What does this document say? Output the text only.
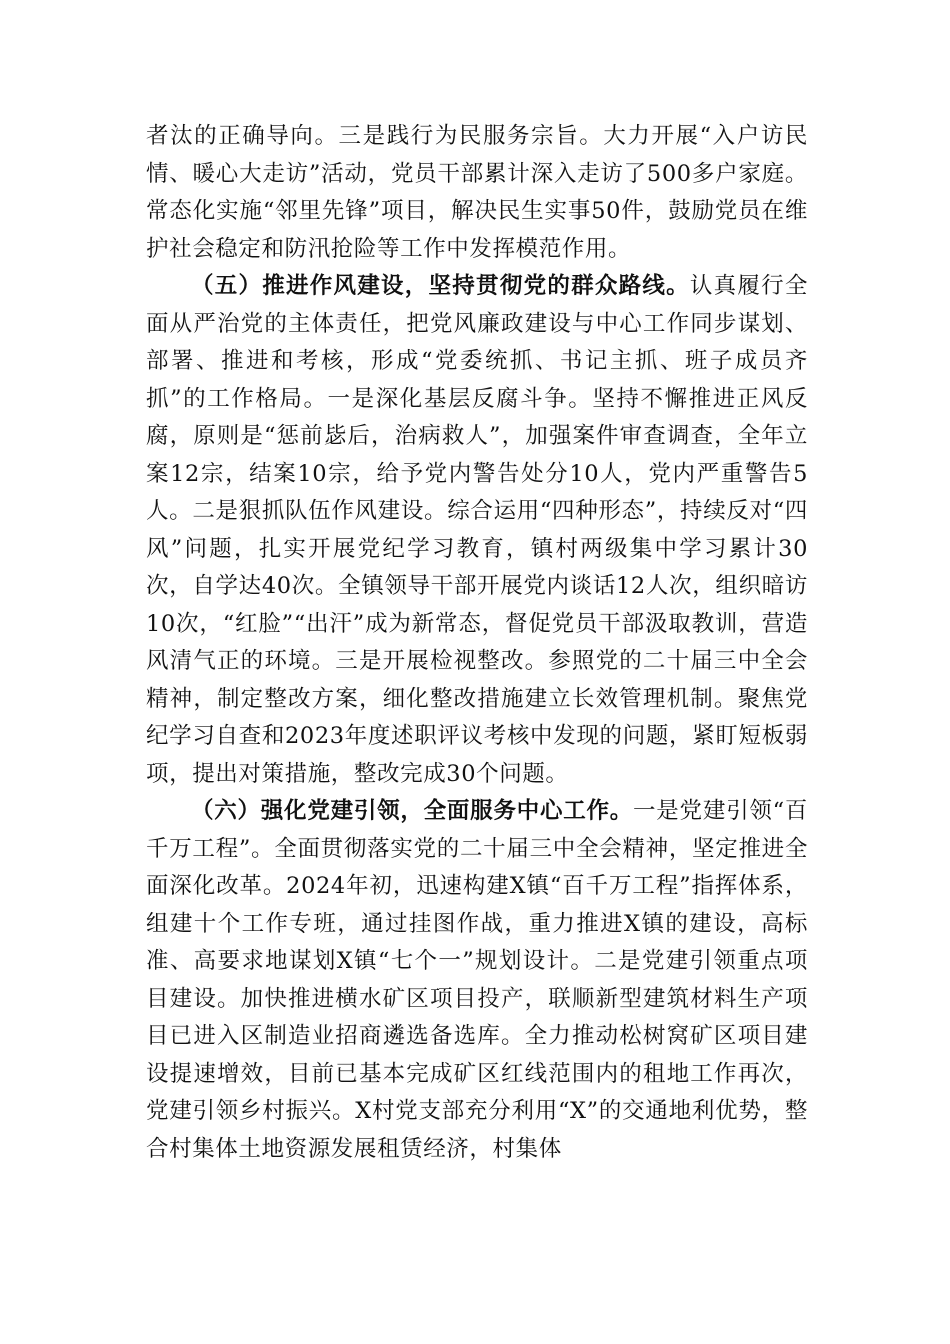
者汰的正确导向。三是践行为民服务宗旨。大力开展“入户访民情、暖心大走访”活动，党员干部累计深入走访了500多户家庭。常态化实施“邻里先锋”项目，解决民生实事50件，鼓励党员在维护社会稳定和防汛抢险等工作中发挥模范作用。

（五）推进作风建设，坚持贯彻党的群众路线。认真履行全面从严治党的主体责任，把党风廉政建设与中心工作同步谋划、部署、推进和考核，形成“党委统抓、书记主抓、班子成员齐抓”的工作格局。一是深化基层反腐斗争。坚持不懈推进正风反腐，原则是“惩前毖后，治病救人”，加强案件审查调查，全年立案12宗，结案10宗，给予党内警告处分10人，党内严重警告5人。二是狠抓队伍作风建设。综合运用“四种形态”，持续反对“四风”问题，扎实开展党纪学习教育，镇村两级集中学习累计30次，自学达40次。全镇领导干部开展党内谈话12人次，组织暗访10次，“红脸”“出汗”成为新常态，督促党员干部汲取教训，营造风清气正的环境。三是开展检视整改。参照党的二十届三中全会精神，制定整改方案，细化整改措施建立长效管理机制。聚焦党纪学习自查和2023年度述职评议考核中发现的问题，紧盯短板弱项，提出对策措施，整改完成30个问题。

（六）强化党建引领，全面服务中心工作。一是党建引领“百千万工程”。全面贯彻落实党的二十届三中全会精神，坚定推进全面深化改革。2024年初，迅速构建X镇“百千万工程”指挥体系，组建十个工作专班，通过挂图作战，重力推进X镇的建设，高标准、高要求地谋划X镇“七个一”规划设计。二是党建引领重点项目建设。加快推进横水矿区项目投产，联顺新型建筑材料生产项目已进入区制造业招商遴选备选库。全力推动松树窝矿区项目建设提速增效，目前已基本完成矿区红线范围内的租地工作再次，党建引领乡村振兴。X村党支部充分利用“X”的交通地利优势，整合村集体土地资源发展租赁经济，村集体
